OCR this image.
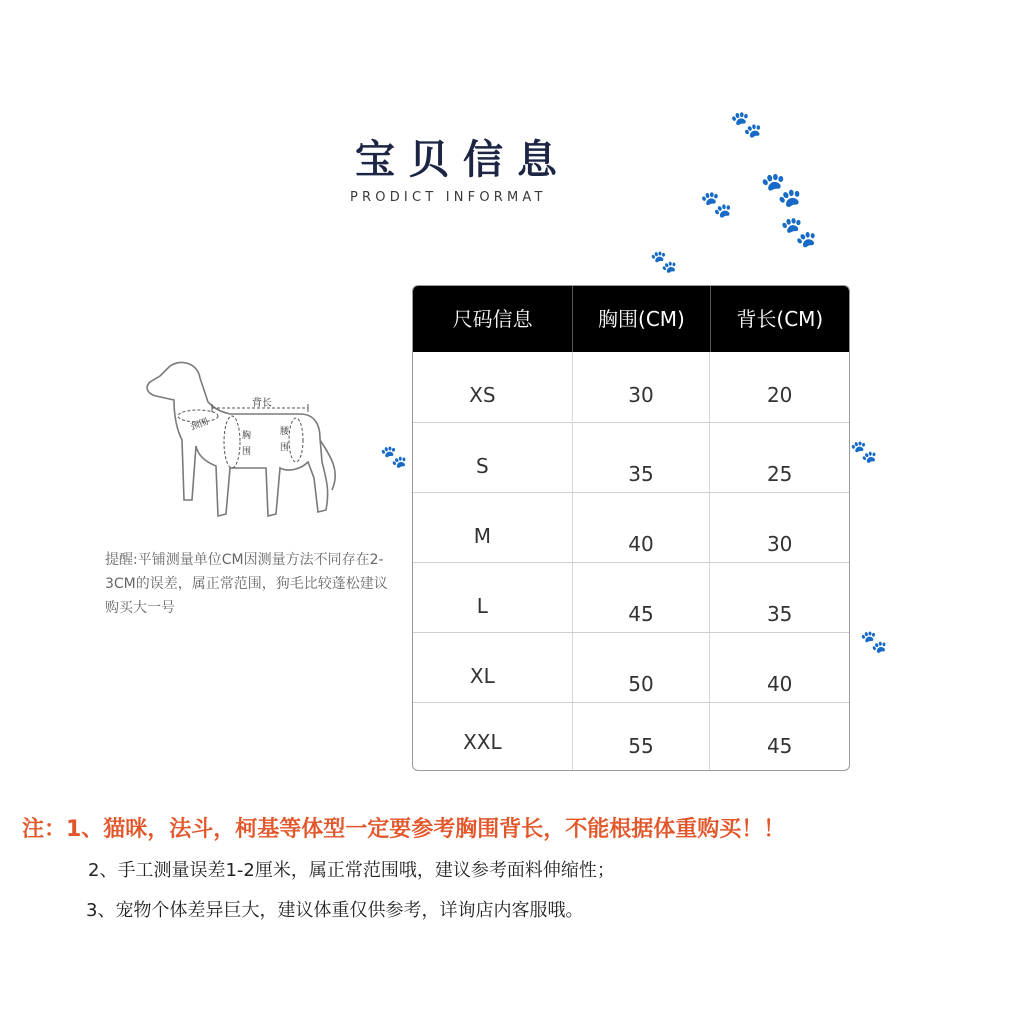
🐾
🐾
🐾
🐾
🐾
🐾	🐾
🐾
宝贝信息
PRODICT INFORMAT
背长
颈围
胸
围
腰
围
提醒:平铺测量单位CM因测量方法不同存在2-3CM的误差，属正常范围，狗毛比较蓬松建议 购买大一号
尺码信息	胸围(CM)	背长(CM)
XS	30	20
S	35	25
M	40	30
L	45	35
XL	50	40
XXL	55	45
注：1、猫咪，法斗，柯基等体型一定要参考胸围背长，不能根据体重购买！！
2、手工测量误差1-2厘米，属正常范围哦，建议参考面料伸缩性；
3、宠物个体差异巨大，建议体重仅供参考，详询店内客服哦。
